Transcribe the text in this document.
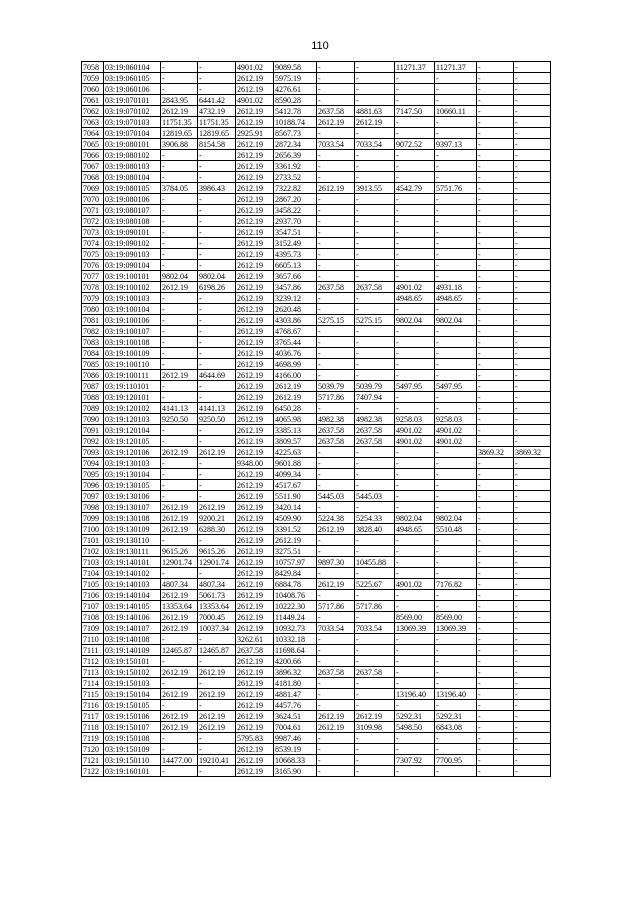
110
7058	03:19:060104	-	-	4901.02	9089.58	-	-	11271.37	11271.37	-	-
7059	03:19:060105	-	-	2612.19	5975.19	-	-	-	-	-	-
7060	03:19:060106	-	-	2612.19	4276.61	-	-	-	-	-	-
7061	03:19:070101	2843.95	6441.42	4901.02	8590.28	-	-	-	-	-	-
7062	03:19:070102	2612.19	4732.19	2612.19	5412.78	2637.58	4881.63	7147.50	10660.11	-	-
7063	03:19:070103	11751.35	11751.35	2612.19	10188.74	2612.19	2612.19	-	-	-	-
7064	03:19:070104	12819.65	12819.65	2925.91	8567.73	-	-	-	-	-	-
7065	03:19:080101	3906.88	8154.58	2612.19	2872.34	7033.54	7033.54	9072.52	9397.13	-	-
7066	03:19:080102	-	-	2612.19	2656.39	-	-	-	-	-	-
7067	03:19:080103	-	-	2612.19	3361.92	-	-	-	-	-	-
7068	03:19:080104	-	-	2612.19	2733.52	-	-	-	-	-	-
7069	03:19:080105	3784.05	3986.43	2612.19	7322.82	2612.19	3913.55	4542.79	5751.76	-	-
7070	03:19:080106	-	-	2612.19	2867.20	-	-	-	-	-	-
7071	03:19:080107	-	-	2612.19	3458.22	-	-	-	-	-	-
7072	03:19:080108	-	-	2612.19	2937.70	-	-	-	-	-	-
7073	03:19:090101	-	-	2612.19	3547.51	-	-	-	-	-	-
7074	03:19:090102	-	-	2612.19	3152.49	-	-	-	-	-	-
7075	03:19:090103	-	-	2612.19	4395.73	-	-	-	-	-	-
7076	03:19:090104	-	-	2612.19	6605.13	-	-	-	-	-	-
7077	03:19:100101	9802.04	9802.04	2612.19	3657.66	-	-	-	-	-	-
7078	03:19:100102	2612.19	6198.26	2612.19	3457.86	2637.58	2637.58	4901.02	4931.18	-	-
7079	03:19:100103	-	-	2612.19	3239.12	-	-	4948.65	4948.65	-	-
7080	03:19:100104	-	-	2612.19	2620.48	-	-	-	-	-	-
7081	03:19:100106	-	-	2612.19	4303.86	5275.15	5275.15	9802.04	9802.04	-	-
7082	03:19:100107	-	-	2612.19	4768.67	-	-	-	-	-	-
7083	03:19:100108	-	-	2612.19	3765.44	-	-	-	-	-	-
7084	03:19:100109	-	-	2612.19	4036.76	-	-	-	-	-	-
7085	03:19:100110	-	-	2612.19	4698.99	-	-	-	-	-	-
7086	03:19:100111	2612.19	4644.69	2612.19	4166.00	-	-	-	-	-	-
7087	03:19:110101	-	-	2612.19	2612.19	5039.79	5039.79	5497.95	5497.95	-	-
7088	03:19:120101	-	-	2612.19	2612.19	5717.86	7407.94	-	-	-	-
7089	03:19:120102	4141.13	4141.13	2612.19	6450.28	-	-	-	-	-	-
7090	03:19:120103	9250.50	9250.50	2612.19	4065.98	4982.38	4982.38	9258.03	9258.03	-	-
7091	03:19:120104	-	-	2612.19	3385.13	2637.58	2637.58	4901.02	4901.02	-	-
7092	03:19:120105	-	-	2612.19	3809.57	2637.58	2637.58	4901.02	4901.02	-	-
7093	03:19:120106	2612.19	2612.19	2612.19	4225.63	-	-	-	-	3869.32	3869.32
7094	03:19:130103	-	-	9348.00	9601.88	-	-	-	-	-	-
7095	03:19:130104	-	-	2612.19	4099.34	-	-	-	-	-	-
7096	03:19:130105	-	-	2612.19	4517.67	-	-	-	-	-	-
7097	03:19:130106	-	-	2612.19	5511.90	5445.03	5445.03	-	-	-	-
7098	03:19:130107	2612.19	2612.19	2612.19	3420.14	-	-	-	-	-	-
7099	03:19:130108	2612.19	9200.21	2612.19	4509.90	5224.38	5254.33	9802.04	9802.04	-	-
7100	03:19:130109	2612.19	6288.30	2612.19	3391.52	2612.19	3828.40	4948.65	5510.48	-	-
7101	03:19:130110	-	-	2612.19	2612.19	-	-	-	-	-	-
7102	03:19:130111	9615.26	9615.26	2612.19	3275.51	-	-	-	-	-	-
7103	03:19:140101	12901.74	12901.74	2612.19	10757.97	9897.30	10455.88	-	-	-	-
7104	03:19:140102	-	-	2612.19	8429.84	-	-	-	-	-	-
7105	03:19:140103	4807.34	4807.34	2612.19	6884.78	2612.19	5225.67	4901.02	7176.82	-	-
7106	03:19:140104	2612.19	5061.73	2612.19	10408.76	-	-	-	-	-	-
7107	03:19:140105	13353.64	13353.64	2612.19	10222.30	5717.86	5717.86	-	-	-	-
7108	03:19:140106	2612.19	7000.45	2612.19	11449.24	-	-	8569.00	8569.00	-	-
7109	03:19:140107	2612.19	10037.34	2612.19	10932.73	7033.54	7033.54	13069.39	13069.39	-	-
7110	03:19:140108	-	-	3262.61	10332.18	-	-	-	-	-	-
7111	03:19:140109	12465.87	12465.87	2637.58	11698.64	-	-	-	-	-	-
7112	03:19:150101	-	-	2612.19	4200.66	-	-	-	-	-	-
7113	03:19:150102	2612.19	2612.19	2612.19	3896.32	2637.58	2637.58	-	-	-	-
7114	03:19:150103	-	-	2612.19	4181.80	-	-	-	-	-	-
7115	03:19:150104	2612.19	2612.19	2612.19	4881.47	-	-	13196.40	13196.40	-	-
7116	03:19:150105	-	-	2612.19	4457.76	-	-	-	-	-	-
7117	03:19:150106	2612.19	2612.19	2612.19	3624.51	2612.19	2612.19	5292.31	5292.31	-	-
7118	03:19:150107	2612.19	2612.19	2612.19	7004.61	2612.19	3109.98	5498.50	6843.08	-	-
7119	03:19:150108	-	-	5795.83	9987.46	-	-	-	-	-	-
7120	03:19:150109	-	-	2612.19	8539.19	-	-	-	-	-	-
7121	03:19:150110	14477.00	19210.41	2612.19	10668.33	-	-	7307.92	7700.95	-	-
7122	03:19:160101	-	-	2612.19	3165.90	-	-	-	-	-	-
